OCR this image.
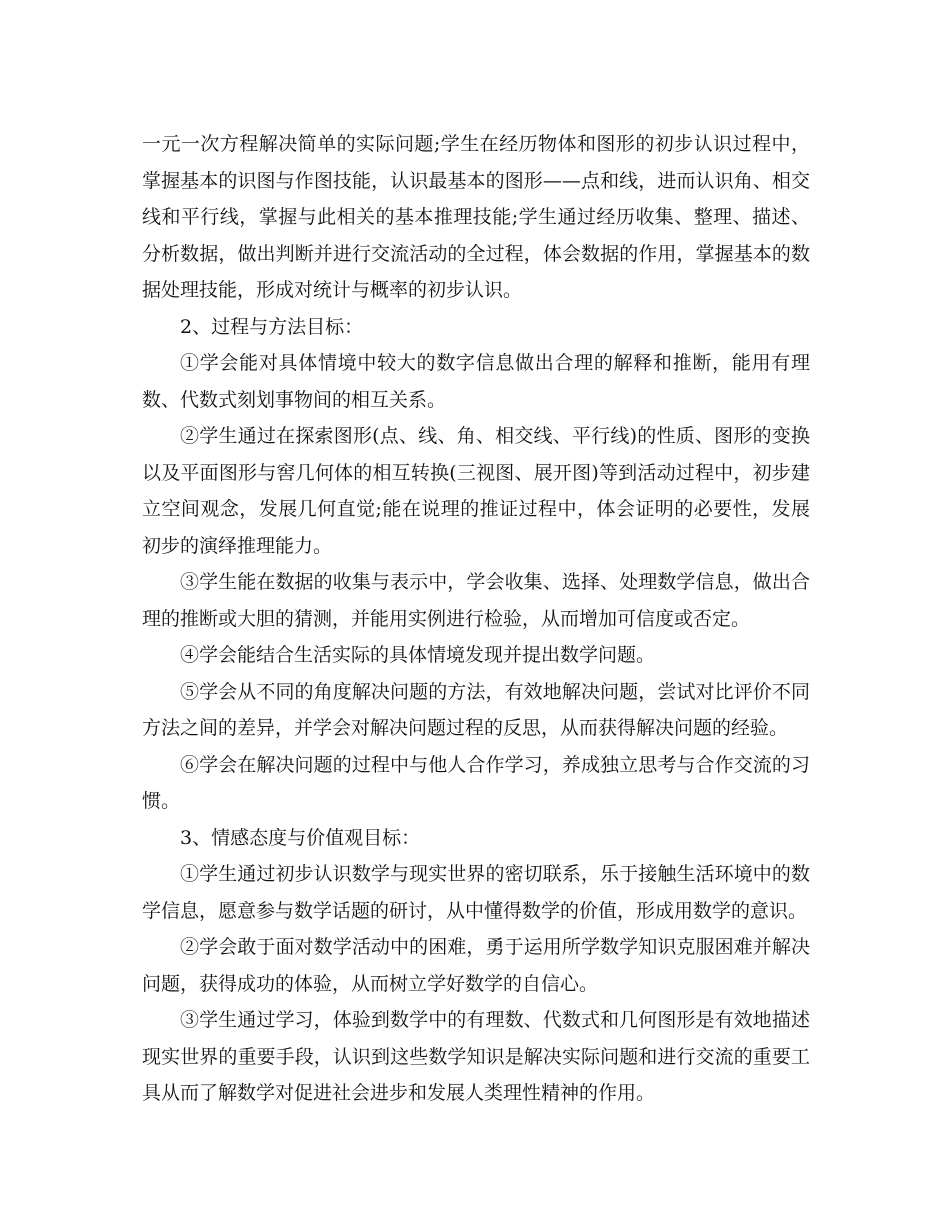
一元一次方程解决简单的实际问题;学生在经历物体和图形的初步认识过程中，掌握基本的识图与作图技能，认识最基本的图形——点和线，进而认识角、相交线和平行线，掌握与此相关的基本推理技能;学生通过经历收集、整理、描述、分析数据，做出判断并进行交流活动的全过程，体会数据的作用，掌握基本的数据处理技能，形成对统计与概率的初步认识。

2、过程与方法目标：

①学会能对具体情境中较大的数字信息做出合理的解释和推断，能用有理数、代数式刻划事物间的相互关系。

②学生通过在探索图形(点、线、角、相交线、平行线)的性质、图形的变换以及平面图形与窖几何体的相互转换(三视图、展开图)等到活动过程中，初步建立空间观念，发展几何直觉;能在说理的推证过程中，体会证明的必要性，发展初步的演绎推理能力。

③学生能在数据的收集与表示中，学会收集、选择、处理数学信息，做出合理的推断或大胆的猜测，并能用实例进行检验，从而增加可信度或否定。

④学会能结合生活实际的具体情境发现并提出数学问题。

⑤学会从不同的角度解决问题的方法，有效地解决问题，尝试对比评价不同方法之间的差异，并学会对解决问题过程的反思，从而获得解决问题的经验。

⑥学会在解决问题的过程中与他人合作学习，养成独立思考与合作交流的习惯。

3、情感态度与价值观目标：

①学生通过初步认识数学与现实世界的密切联系，乐于接触生活环境中的数学信息，愿意参与数学话题的研讨，从中懂得数学的价值，形成用数学的意识。

②学会敢于面对数学活动中的困难，勇于运用所学数学知识克服困难并解决问题，获得成功的体验，从而树立学好数学的自信心。

③学生通过学习，体验到数学中的有理数、代数式和几何图形是有效地描述现实世界的重要手段，认识到这些数学知识是解决实际问题和进行交流的重要工具从而了解数学对促进社会进步和发展人类理性精神的作用。
